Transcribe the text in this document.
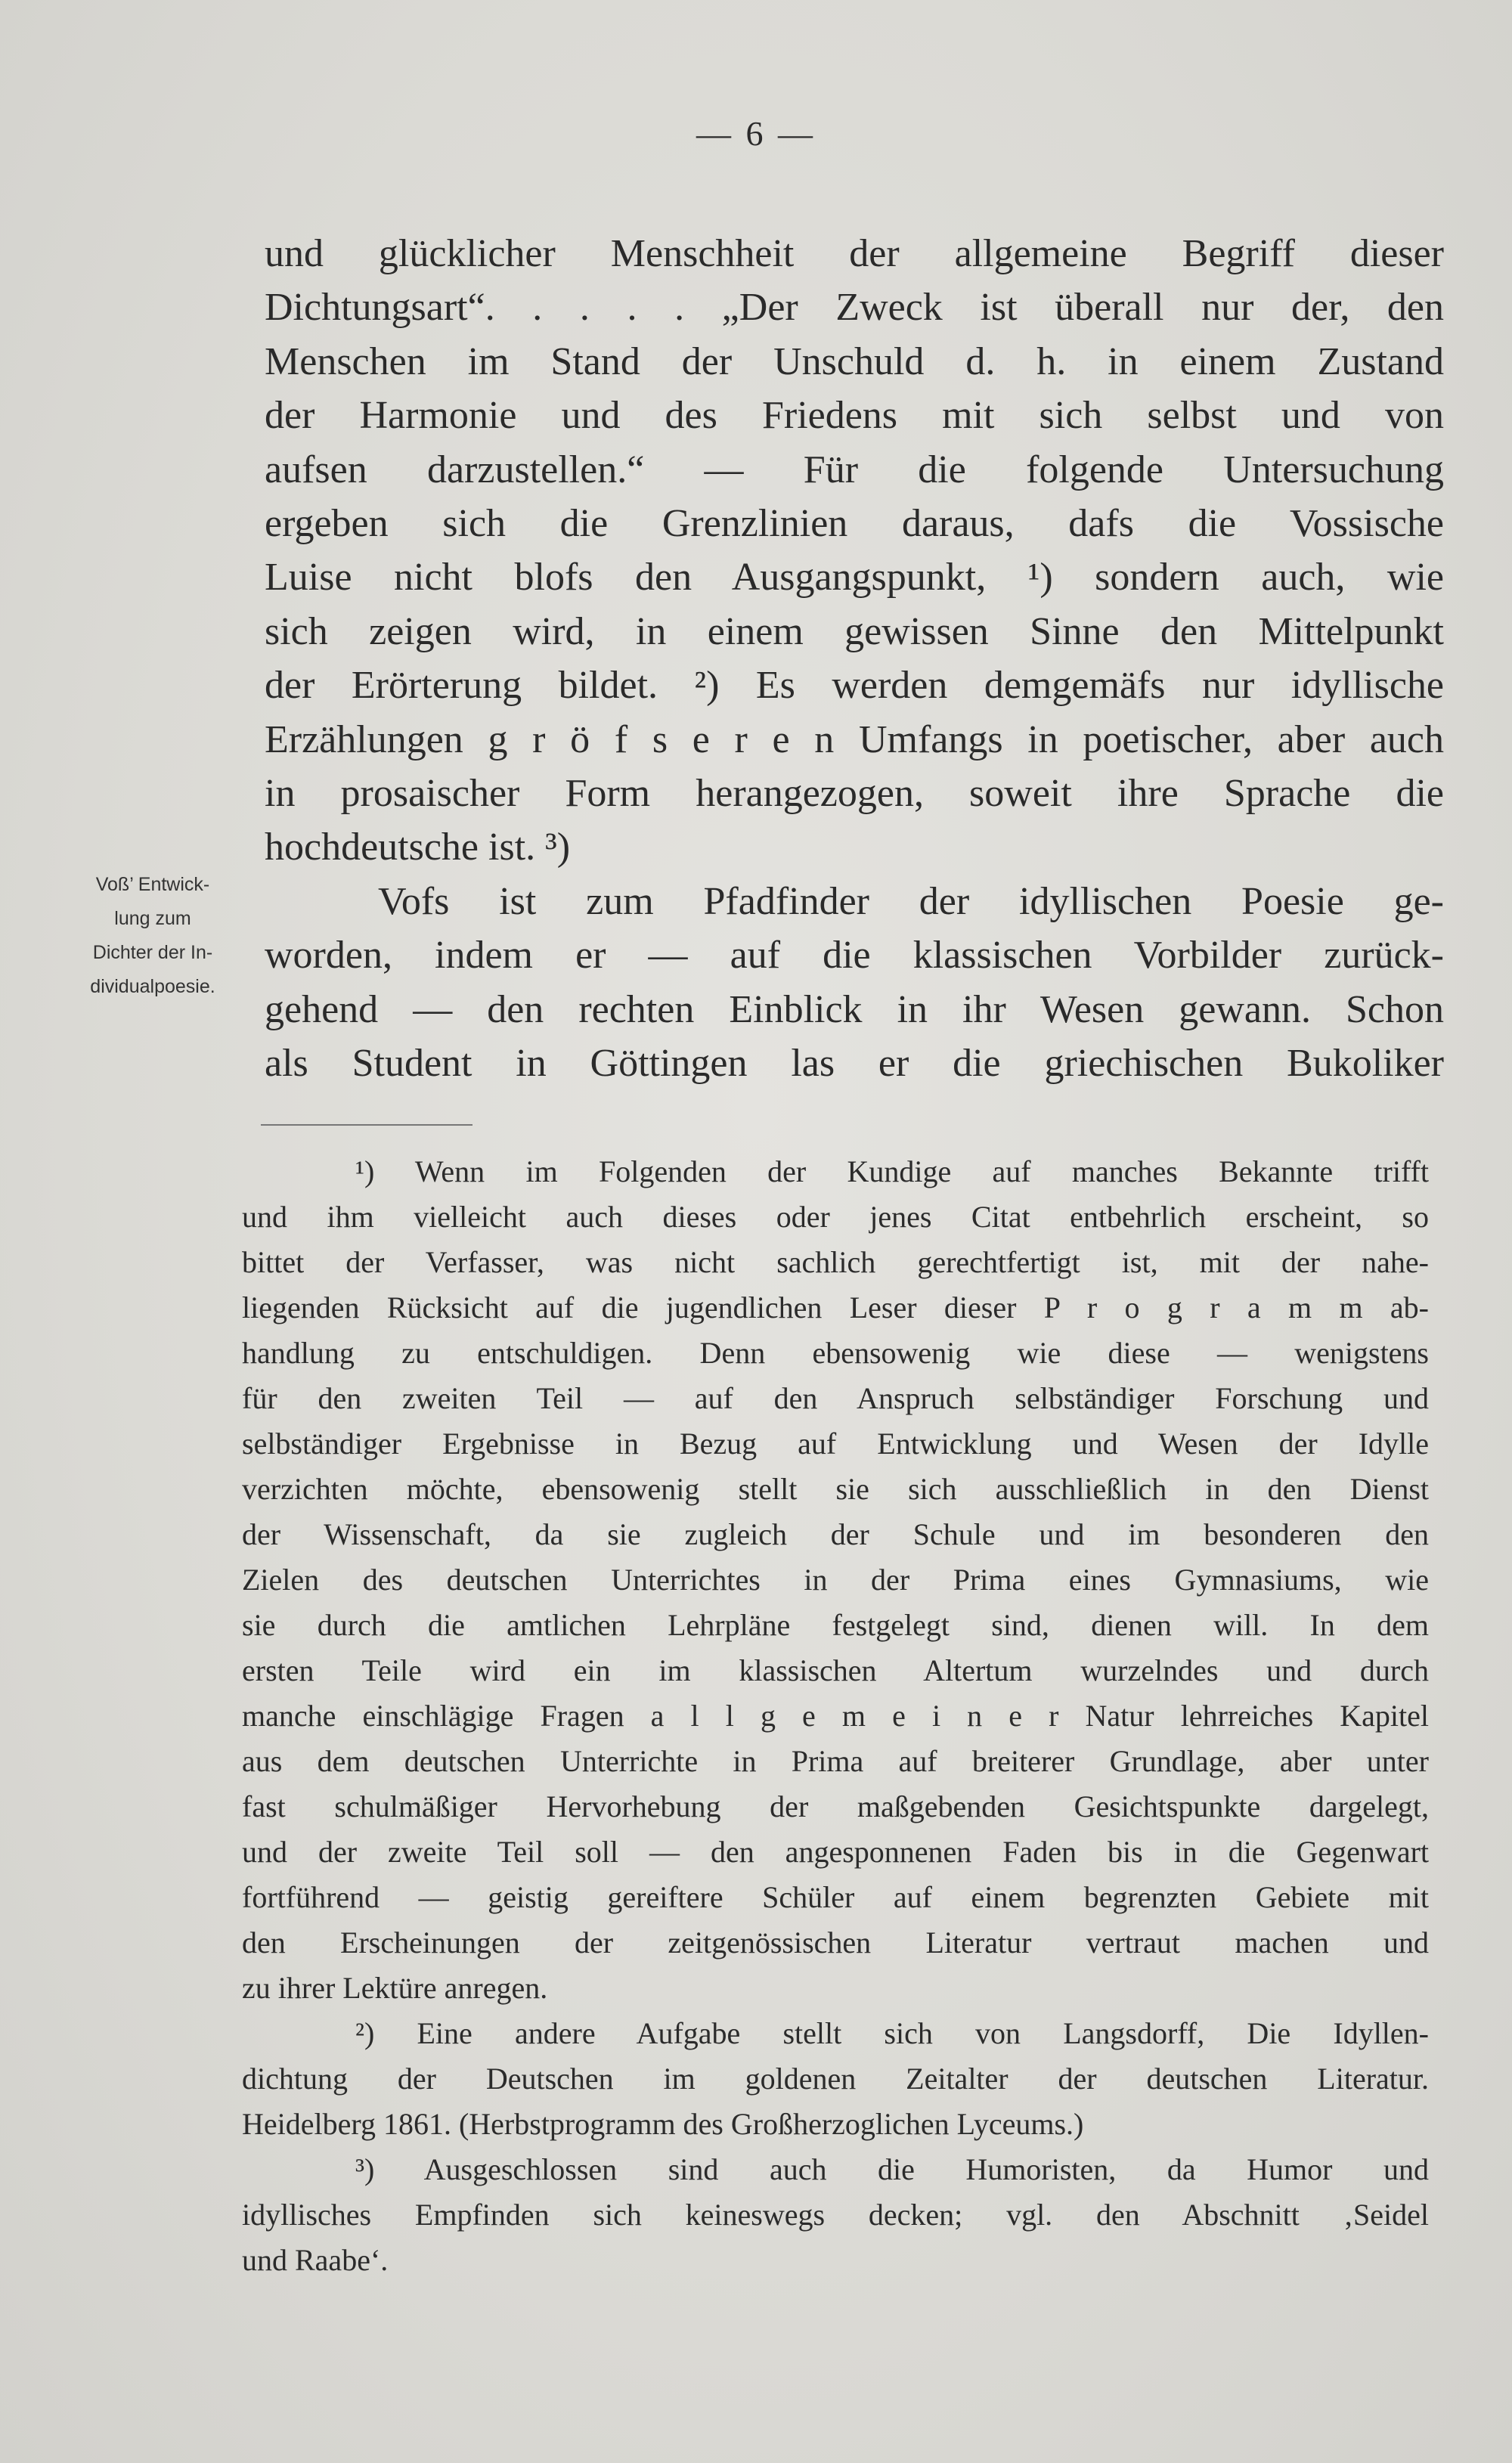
— 6 —
und glücklicher Menschheit der allgemeine Begriff dieser
Dichtungsart“. . . . . „Der Zweck ist überall nur der, den
Menschen im Stand der Unschuld d. h. in einem Zustand
der Harmonie und des Friedens mit sich selbst und von
aufsen darzustellen.“ — Für die folgende Untersuchung
ergeben sich die Grenzlinien daraus, dafs die Vossische
Luise nicht blofs den Ausgangspunkt, ¹) sondern auch, wie
sich zeigen wird, in einem gewissen Sinne den Mittelpunkt
der Erörterung bildet. ²) Es werden demgemäfs nur idyllische
Erzählungen g r ö f s e r e n Umfangs in poetischer, aber auch
in prosaischer Form herangezogen, soweit ihre Sprache die
hochdeutsche ist. ³)
Vofs ist zum Pfadfinder der idyllischen Poesie ge-
worden, indem er — auf die klassischen Vorbilder zurück-
gehend — den rechten Einblick in ihr Wesen gewann. Schon
als Student in Göttingen las er die griechischen Bukoliker
Voß’ Entwick-
lung zum
Dichter der In-
dividualpoesie.
¹) Wenn im Folgenden der Kundige auf manches Bekannte trifft
und ihm vielleicht auch dieses oder jenes Citat entbehrlich erscheint, so
bittet der Verfasser, was nicht sachlich gerechtfertigt ist, mit der nahe-
liegenden Rücksicht auf die jugendlichen Leser dieser P r o g r a m m ab-
handlung zu entschuldigen. Denn ebensowenig wie diese — wenigstens
für den zweiten Teil — auf den Anspruch selbständiger Forschung und
selbständiger Ergebnisse in Bezug auf Entwicklung und Wesen der Idylle
verzichten möchte, ebensowenig stellt sie sich ausschließlich in den Dienst
der Wissenschaft, da sie zugleich der Schule und im besonderen den
Zielen des deutschen Unterrichtes in der Prima eines Gymnasiums, wie
sie durch die amtlichen Lehrpläne festgelegt sind, dienen will. In dem
ersten Teile wird ein im klassischen Altertum wurzelndes und durch
manche einschlägige Fragen a l l g e m e i n e r Natur lehrreiches Kapitel
aus dem deutschen Unterrichte in Prima auf breiterer Grundlage, aber unter
fast schulmäßiger Hervorhebung der maßgebenden Gesichtspunkte dargelegt,
und der zweite Teil soll — den angesponnenen Faden bis in die Gegenwart
fortführend — geistig gereiftere Schüler auf einem begrenzten Gebiete mit
den Erscheinungen der zeitgenössischen Literatur vertraut machen und
zu ihrer Lektüre anregen.
²) Eine andere Aufgabe stellt sich von Langsdorff, Die Idyllen-
dichtung der Deutschen im goldenen Zeitalter der deutschen Literatur.
Heidelberg 1861. (Herbstprogramm des Großherzoglichen Lyceums.)
³) Ausgeschlossen sind auch die Humoristen, da Humor und
idyllisches Empfinden sich keineswegs decken; vgl. den Abschnitt ‚Seidel
und Raabe‘.
